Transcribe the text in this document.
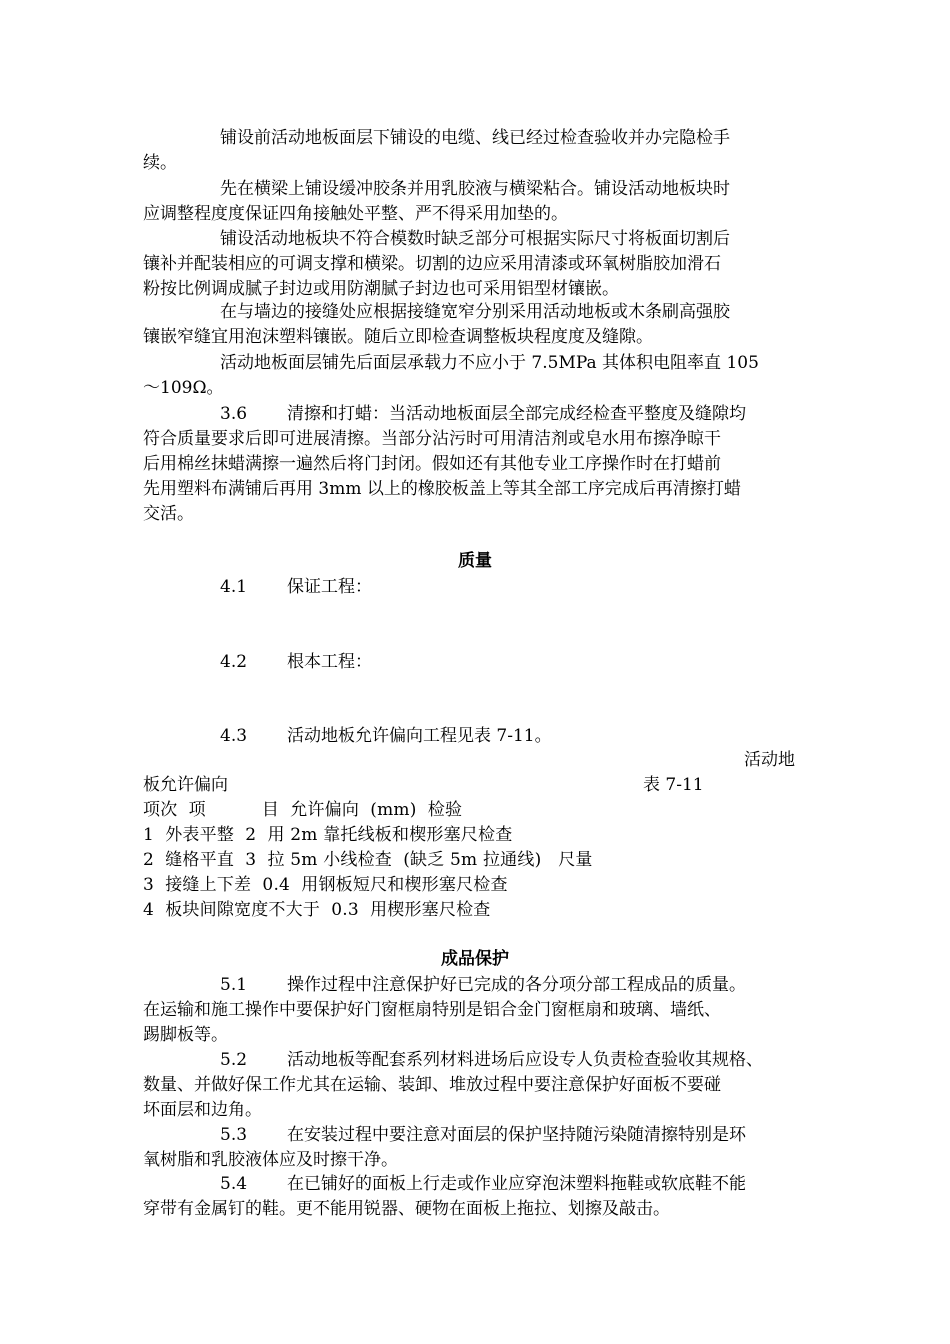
铺设前活动地板面层下铺设的电缆、线已经过检查验收并办完隐检手
续。
先在横梁上铺设缓冲胶条并用乳胶液与横梁粘合。铺设活动地板块时
应调整程度度保证四角接触处平整、严不得采用加垫的。
铺设活动地板块不符合模数时缺乏部分可根据实际尺寸将板面切割后
镶补并配装相应的可调支撑和横梁。切割的边应采用清漆或环氧树脂胶加滑石
粉按比例调成腻子封边或用防潮腻子封边也可采用铝型材镶嵌。
在与墙边的接缝处应根据接缝宽窄分别采用活动地板或木条刷高强胶
镶嵌窄缝宜用泡沫塑料镶嵌。随后立即检查调整板块程度度及缝隙。
活动地板面层铺先后面层承载力不应小于 7.5MPa 其体积电阻率直 105
～109Ω。
3.6 清擦和打蜡：当活动地板面层全部完成经检查平整度及缝隙均
符合质量要求后即可进展清擦。当部分沾污时可用清洁剂或皂水用布擦净晾干
后用棉丝抹蜡满擦一遍然后将门封闭。假如还有其他专业工序操作时在打蜡前
先用塑料布满铺后再用 3mm 以上的橡胶板盖上等其全部工序完成后再清擦打蜡
交活。
质量
4.1 保证工程：
4.2 根本工程：
4.3 活动地板允许偏向工程见表 7-11。
活动地
板允许偏向	表 7-11
项次  项          目  允许偏向  (mm)  检验
1  外表平整  2  用 2m 靠托线板和楔形塞尺检查
2  缝格平直  3  拉 5m 小线检查  (缺乏 5m 拉通线)   尺量
3  接缝上下差  0.4  用钢板短尺和楔形塞尺检查
4  板块间隙宽度不大于  0.3  用楔形塞尺检查
成品保护
5.1 操作过程中注意保护好已完成的各分项分部工程成品的质量。
在运输和施工操作中要保护好门窗框扇特别是铝合金门窗框扇和玻璃、墙纸、
踢脚板等。
5.2 活动地板等配套系列材料进场后应设专人负责检查验收其规格、
数量、并做好保工作尤其在运输、装卸、堆放过程中要注意保护好面板不要碰
坏面层和边角。
5.3 在安装过程中要注意对面层的保护坚持随污染随清擦特别是环
氧树脂和乳胶液体应及时擦干净。
5.4 在已铺好的面板上行走或作业应穿泡沫塑料拖鞋或软底鞋不能
穿带有金属钉的鞋。更不能用锐器、硬物在面板上拖拉、划擦及敲击。
